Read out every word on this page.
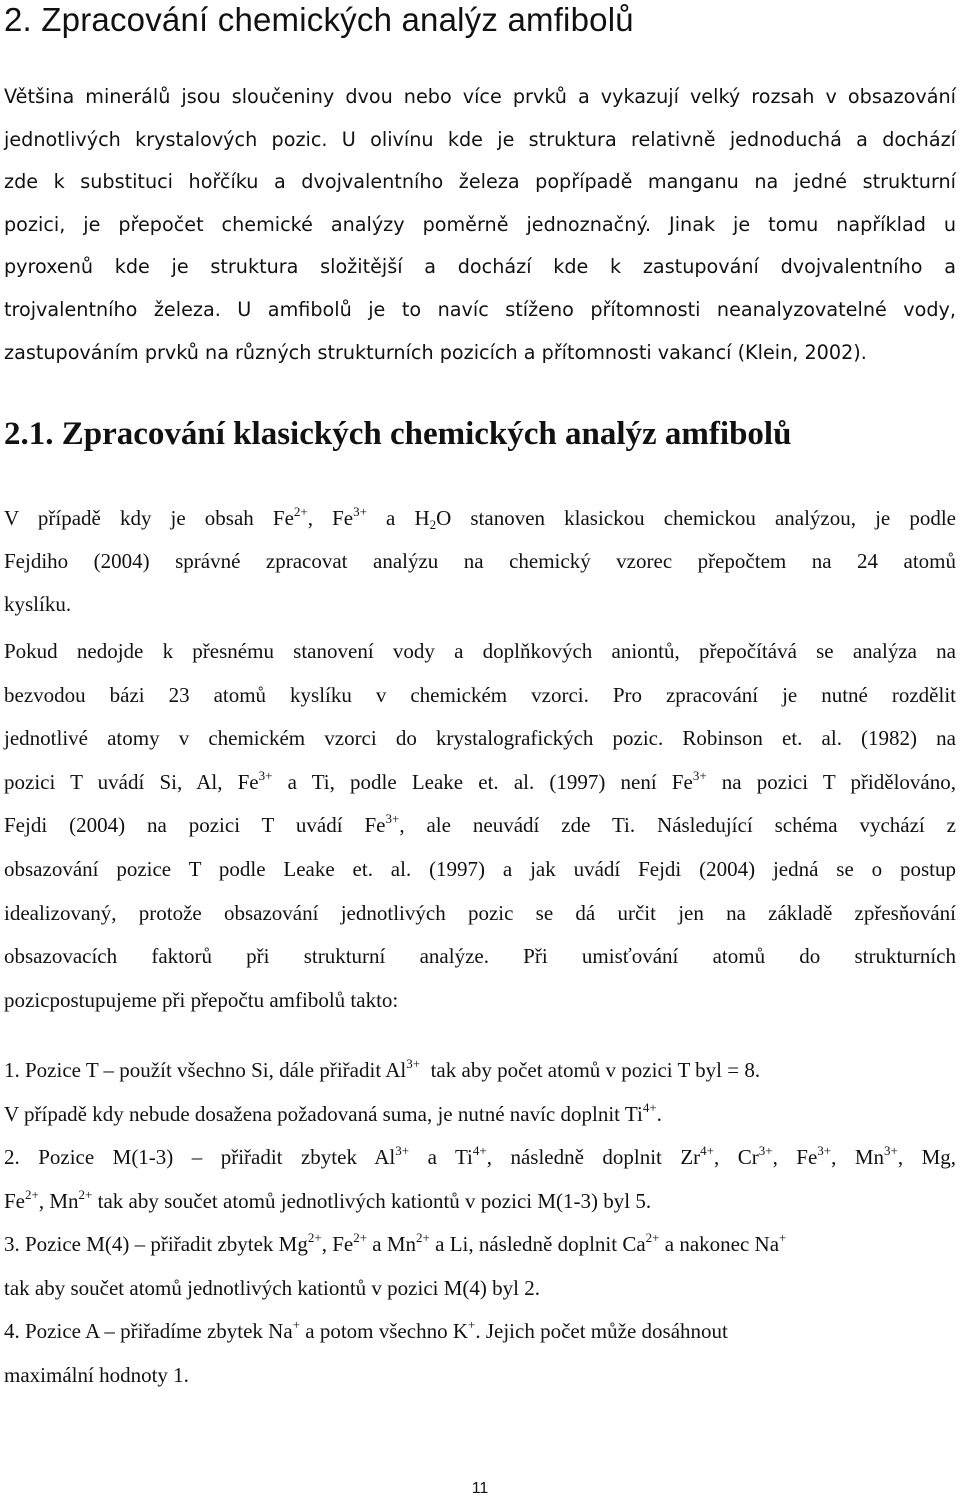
2. Zpracování chemických analýz amfibolů
Většina minerálů jsou sloučeniny dvou nebo více prvků a vykazují velký rozsah v obsazování
jednotlivých krystalových pozic. U olivínu kde je struktura relativně jednoduchá a dochází
zde k substituci hořčíku a dvojvalentního železa popřípadě manganu na jedné strukturní
pozici, je přepočet chemické analýzy poměrně jednoznačný. Jinak je tomu například u
pyroxenů kde je struktura složitější a dochází kde k zastupování dvojvalentního a
trojvalentního železa. U amfibolů je to navíc stíženo přítomnosti neanalyzovatelné vody,
zastupováním prvků na různých strukturních pozicích a přítomnosti vakancí (Klein, 2002).
2.1. Zpracování klasických chemických analýz amfibolů
V případě kdy je obsah $Fe^{2+}$, $Fe^{3+}$ a $H_2O$ stanoven klasickou chemickou analýzou, je podle
Fejdiho (2004) správné zpracovat analýzu na chemický vzorec přepočtem na 24 atomů
kyslíku.
Pokud nedojde k přesnému stanovení vody a doplňkových aniontů, přepočítává se analýza na
bezvodou bázi 23 atomů kyslíku v chemickém vzorci. Pro zpracování je nutné rozdělit
jednotlivé atomy v chemickém vzorci do krystalografických pozic. Robinson et. al. (1982) na
pozici T uvádí Si, Al, $Fe^{3+}$ a Ti, podle Leake et. al. (1997) není $Fe^{3+}$ na pozici T přidělováno,
Fejdi (2004) na pozici T uvádí $Fe^{3+}$, ale neuvádí zde Ti. Následující schéma vychází z
obsazování pozice T podle Leake et. al. (1997) a jak uvádí Fejdi (2004) jedná se o postup
idealizovaný, protože obsazování jednotlivých pozic se dá určit jen na základě zpřesňování
obsazovacích faktorů při strukturní analýze. Při umisťování atomů do strukturních
pozicpostupujeme při přepočtu amfibolů takto:
1. Pozice T – použít všechno Si, dále přiřadit $Al^{3+}$  tak aby počet atomů v pozici T byl = 8.
V případě kdy nebude dosažena požadovaná suma, je nutné navíc doplnit $Ti^{4+}$.
2. Pozice M(1-3) – přiřadit zbytek $Al^{3+}$ a $Ti^{4+}$, následně doplnit $Zr^{4+}$, $Cr^{3+}$, $Fe^{3+}$, $Mn^{3+}$, Mg,
$Fe^{2+}$, $Mn^{2+}$ tak aby součet atomů jednotlivých kationtů v pozici M(1-3) byl 5.
3. Pozice M(4) – přiřadit zbytek $Mg^{2+}$, $Fe^{2+}$ a $Mn^{2+}$ a Li, následně doplnit $Ca^{2+}$ a nakonec Na+
tak aby součet atomů jednotlivých kationtů v pozici M(4) byl 2.
4. Pozice A – přiřadíme zbytek Na+ a potom všechno K+. Jejich počet může dosáhnout
maximální hodnoty 1.
11
